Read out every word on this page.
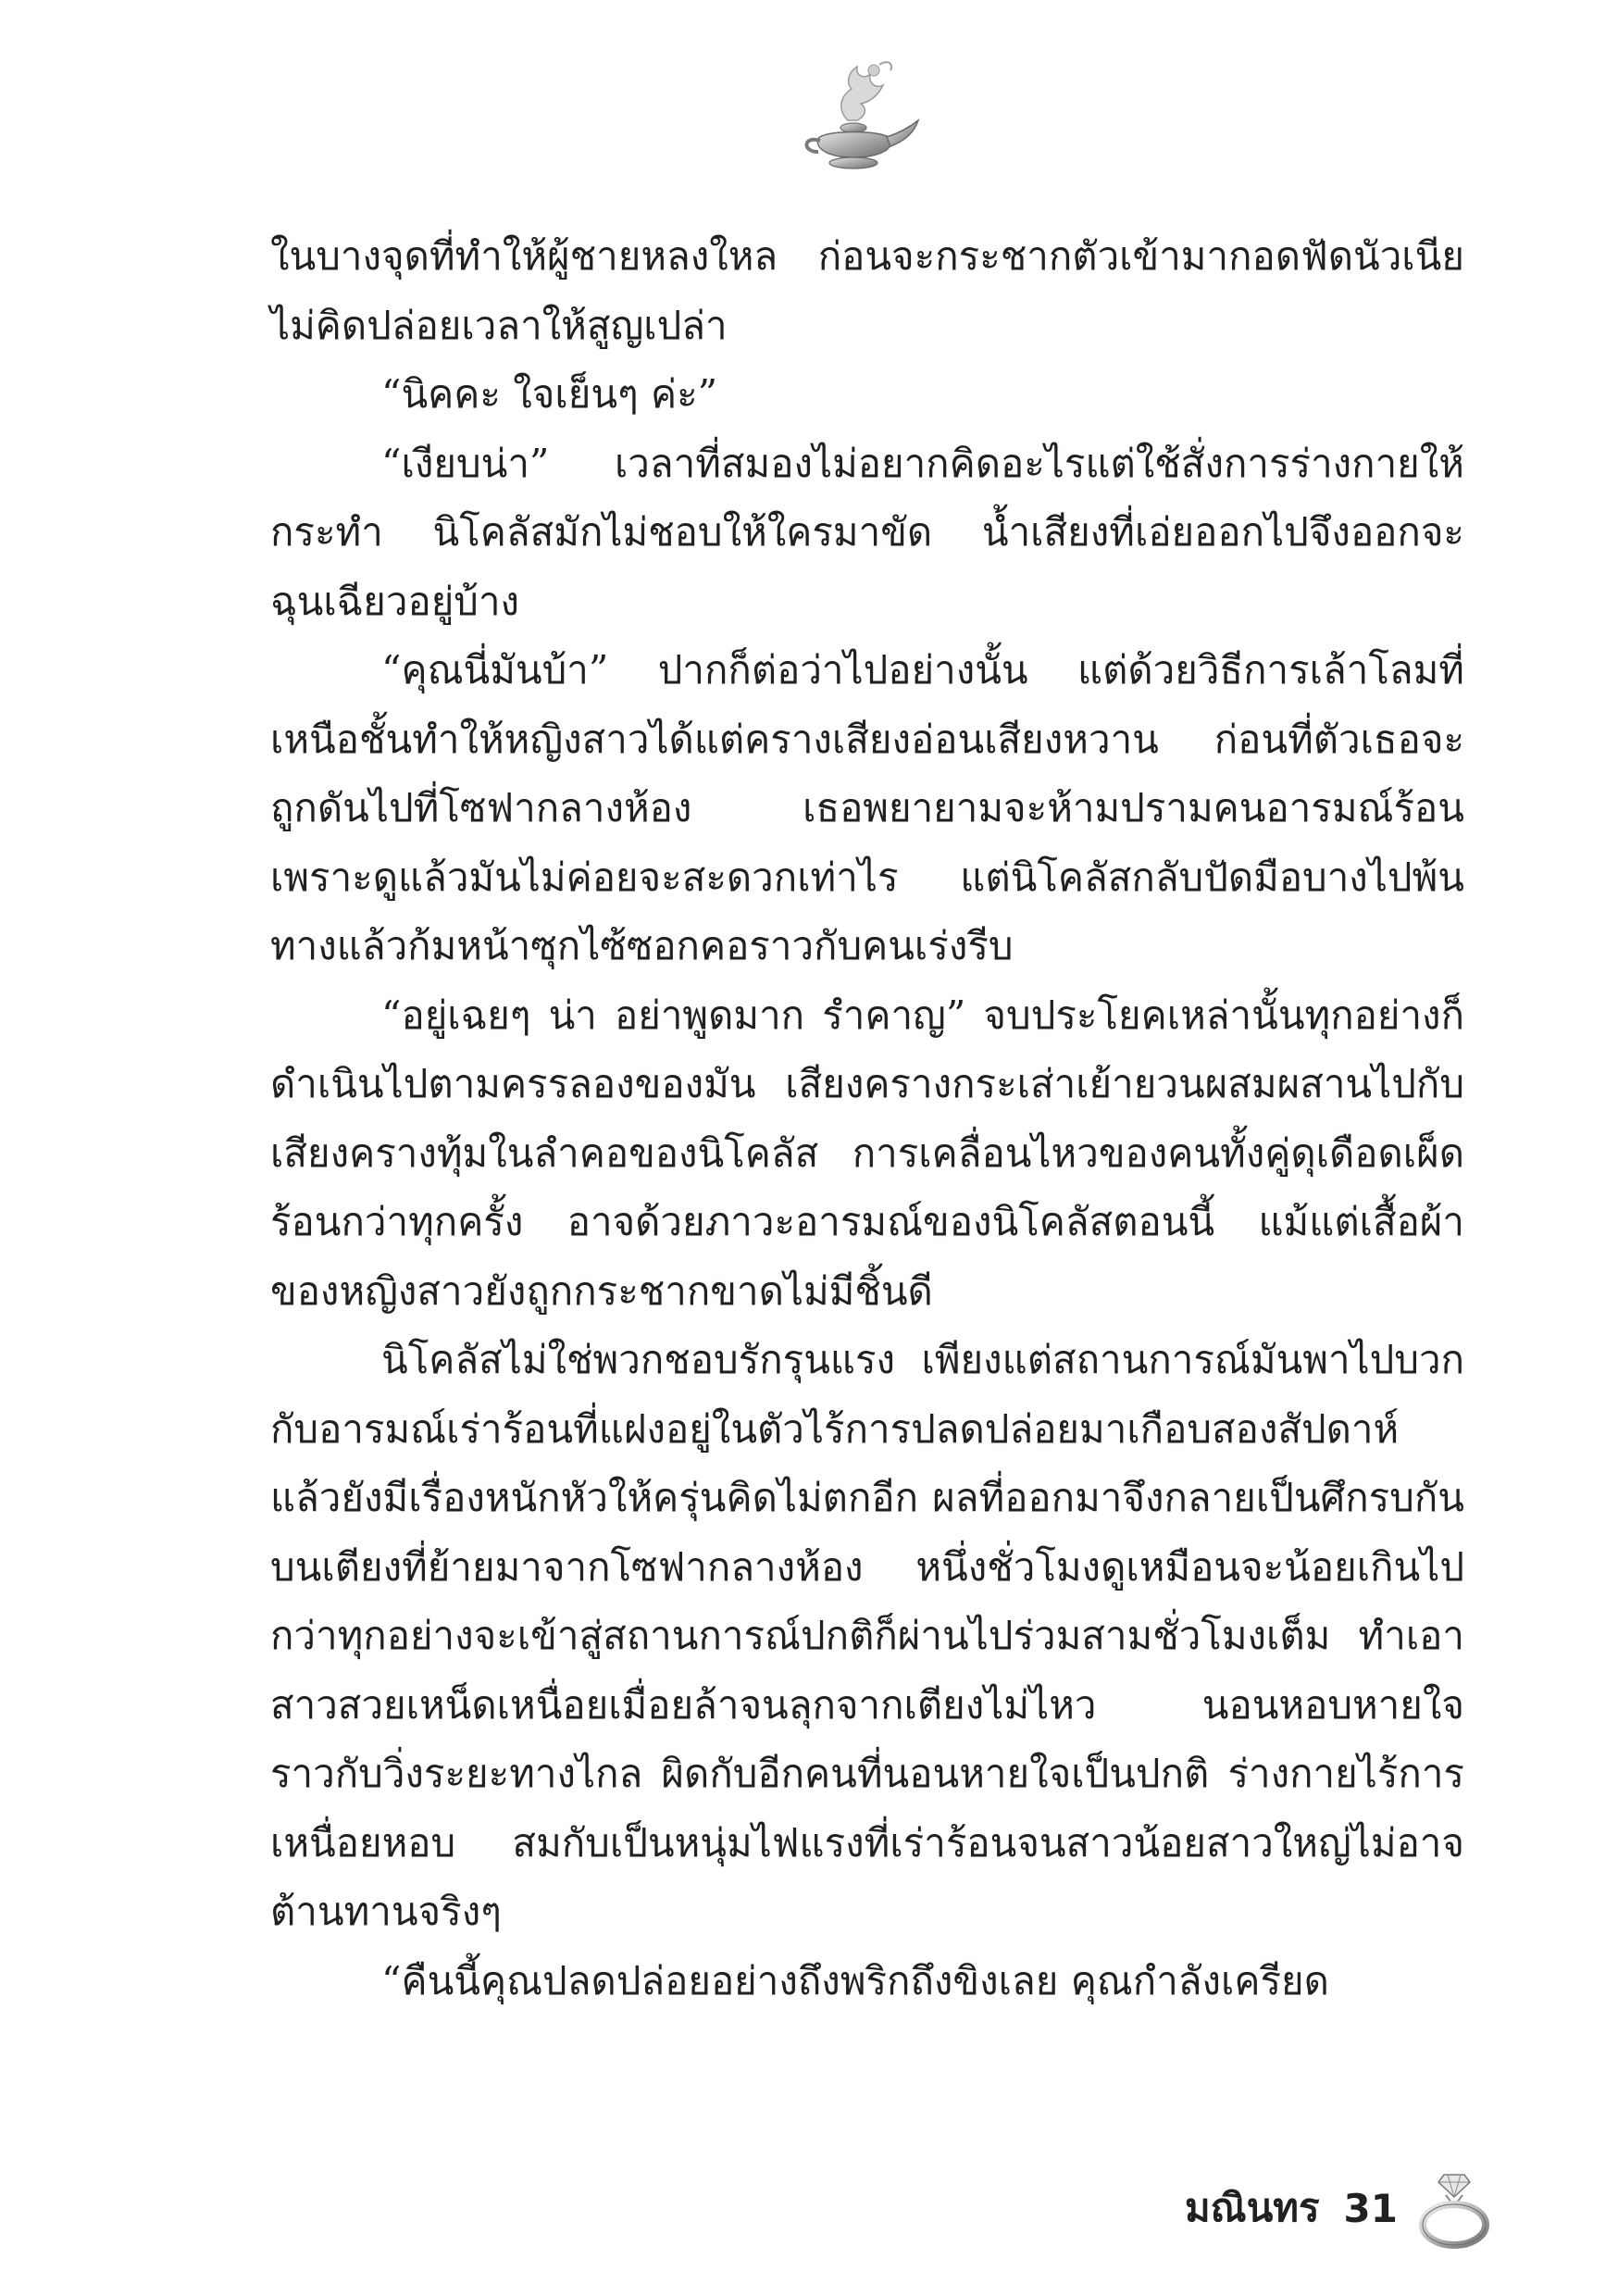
ในบางจุดที่ทำให้ผู้ชายหลงใหล ก่อนจะกระชากตัวเข้ามากอดฟัดนัวเนีย ไม่คิดปล่อยเวลาให้สูญเปล่า

“นิคคะ ใจเย็นๆ ค่ะ”

“เงียบน่า” เวลาที่สมองไม่อยากคิดอะไรแต่ใช้สั่งการร่างกายให้กระทำ นิโคลัสมักไม่ชอบให้ใครมาขัด น้ำเสียงที่เอ่ยออกไปจึงออกจะฉุนเฉียวอยู่บ้าง

“คุณนี่มันบ้า” ปากก็ต่อว่าไปอย่างนั้น แต่ด้วยวิธีการเล้าโลมที่เหนือชั้นทำให้หญิงสาวได้แต่ครางเสียงอ่อนเสียงหวาน ก่อนที่ตัวเธอจะถูกดันไปที่โซฟากลางห้อง เธอพยายามจะห้ามปรามคนอารมณ์ร้อน เพราะดูแล้วมันไม่ค่อยจะสะดวกเท่าไร แต่นิโคลัสกลับปัดมือบางไปพ้นทางแล้วก้มหน้าซุกไซ้ซอกคอราวกับคนเร่งรีบ

“อยู่เฉยๆ น่า อย่าพูดมาก รำคาญ” จบประโยคเหล่านั้นทุกอย่างก็ดำเนินไปตามครรลองของมัน เสียงครางกระเส่าเย้ายวนผสมผสานไปกับเสียงครางทุ้มในลำคอของนิโคลัส การเคลื่อนไหวของคนทั้งคู่ดุเดือดเผ็ดร้อนกว่าทุกครั้ง อาจด้วยภาวะอารมณ์ของนิโคลัสตอนนี้ แม้แต่เสื้อผ้าของหญิงสาวยังถูกกระชากขาดไม่มีชิ้นดี

นิโคลัสไม่ใช่พวกชอบรักรุนแรง เพียงแต่สถานการณ์มันพาไปบวกกับอารมณ์เร่าร้อนที่แฝงอยู่ในตัวไร้การปลดปล่อยมาเกือบสองสัปดาห์ แล้วยังมีเรื่องหนักหัวให้ครุ่นคิดไม่ตกอีก ผลที่ออกมาจึงกลายเป็นศึกรบกันบนเตียงที่ย้ายมาจากโซฟากลางห้อง หนึ่งชั่วโมงดูเหมือนจะน้อยเกินไป กว่าทุกอย่างจะเข้าสู่สถานการณ์ปกติก็ผ่านไปร่วมสามชั่วโมงเต็ม ทำเอาสาวสวยเหน็ดเหนื่อยเมื่อยล้าจนลุกจากเตียงไม่ไหว นอนหอบหายใจราวกับวิ่งระยะทางไกล ผิดกับอีกคนที่นอนหายใจเป็นปกติ ร่างกายไร้การเหนื่อยหอบ สมกับเป็นหนุ่มไฟแรงที่เร่าร้อนจนสาวน้อยสาวใหญ่ไม่อาจต้านทานจริงๆ

“คืนนี้คุณปลดปล่อยอย่างถึงพริกถึงขิงเลย คุณกำลังเครียด

มณินทร 31
